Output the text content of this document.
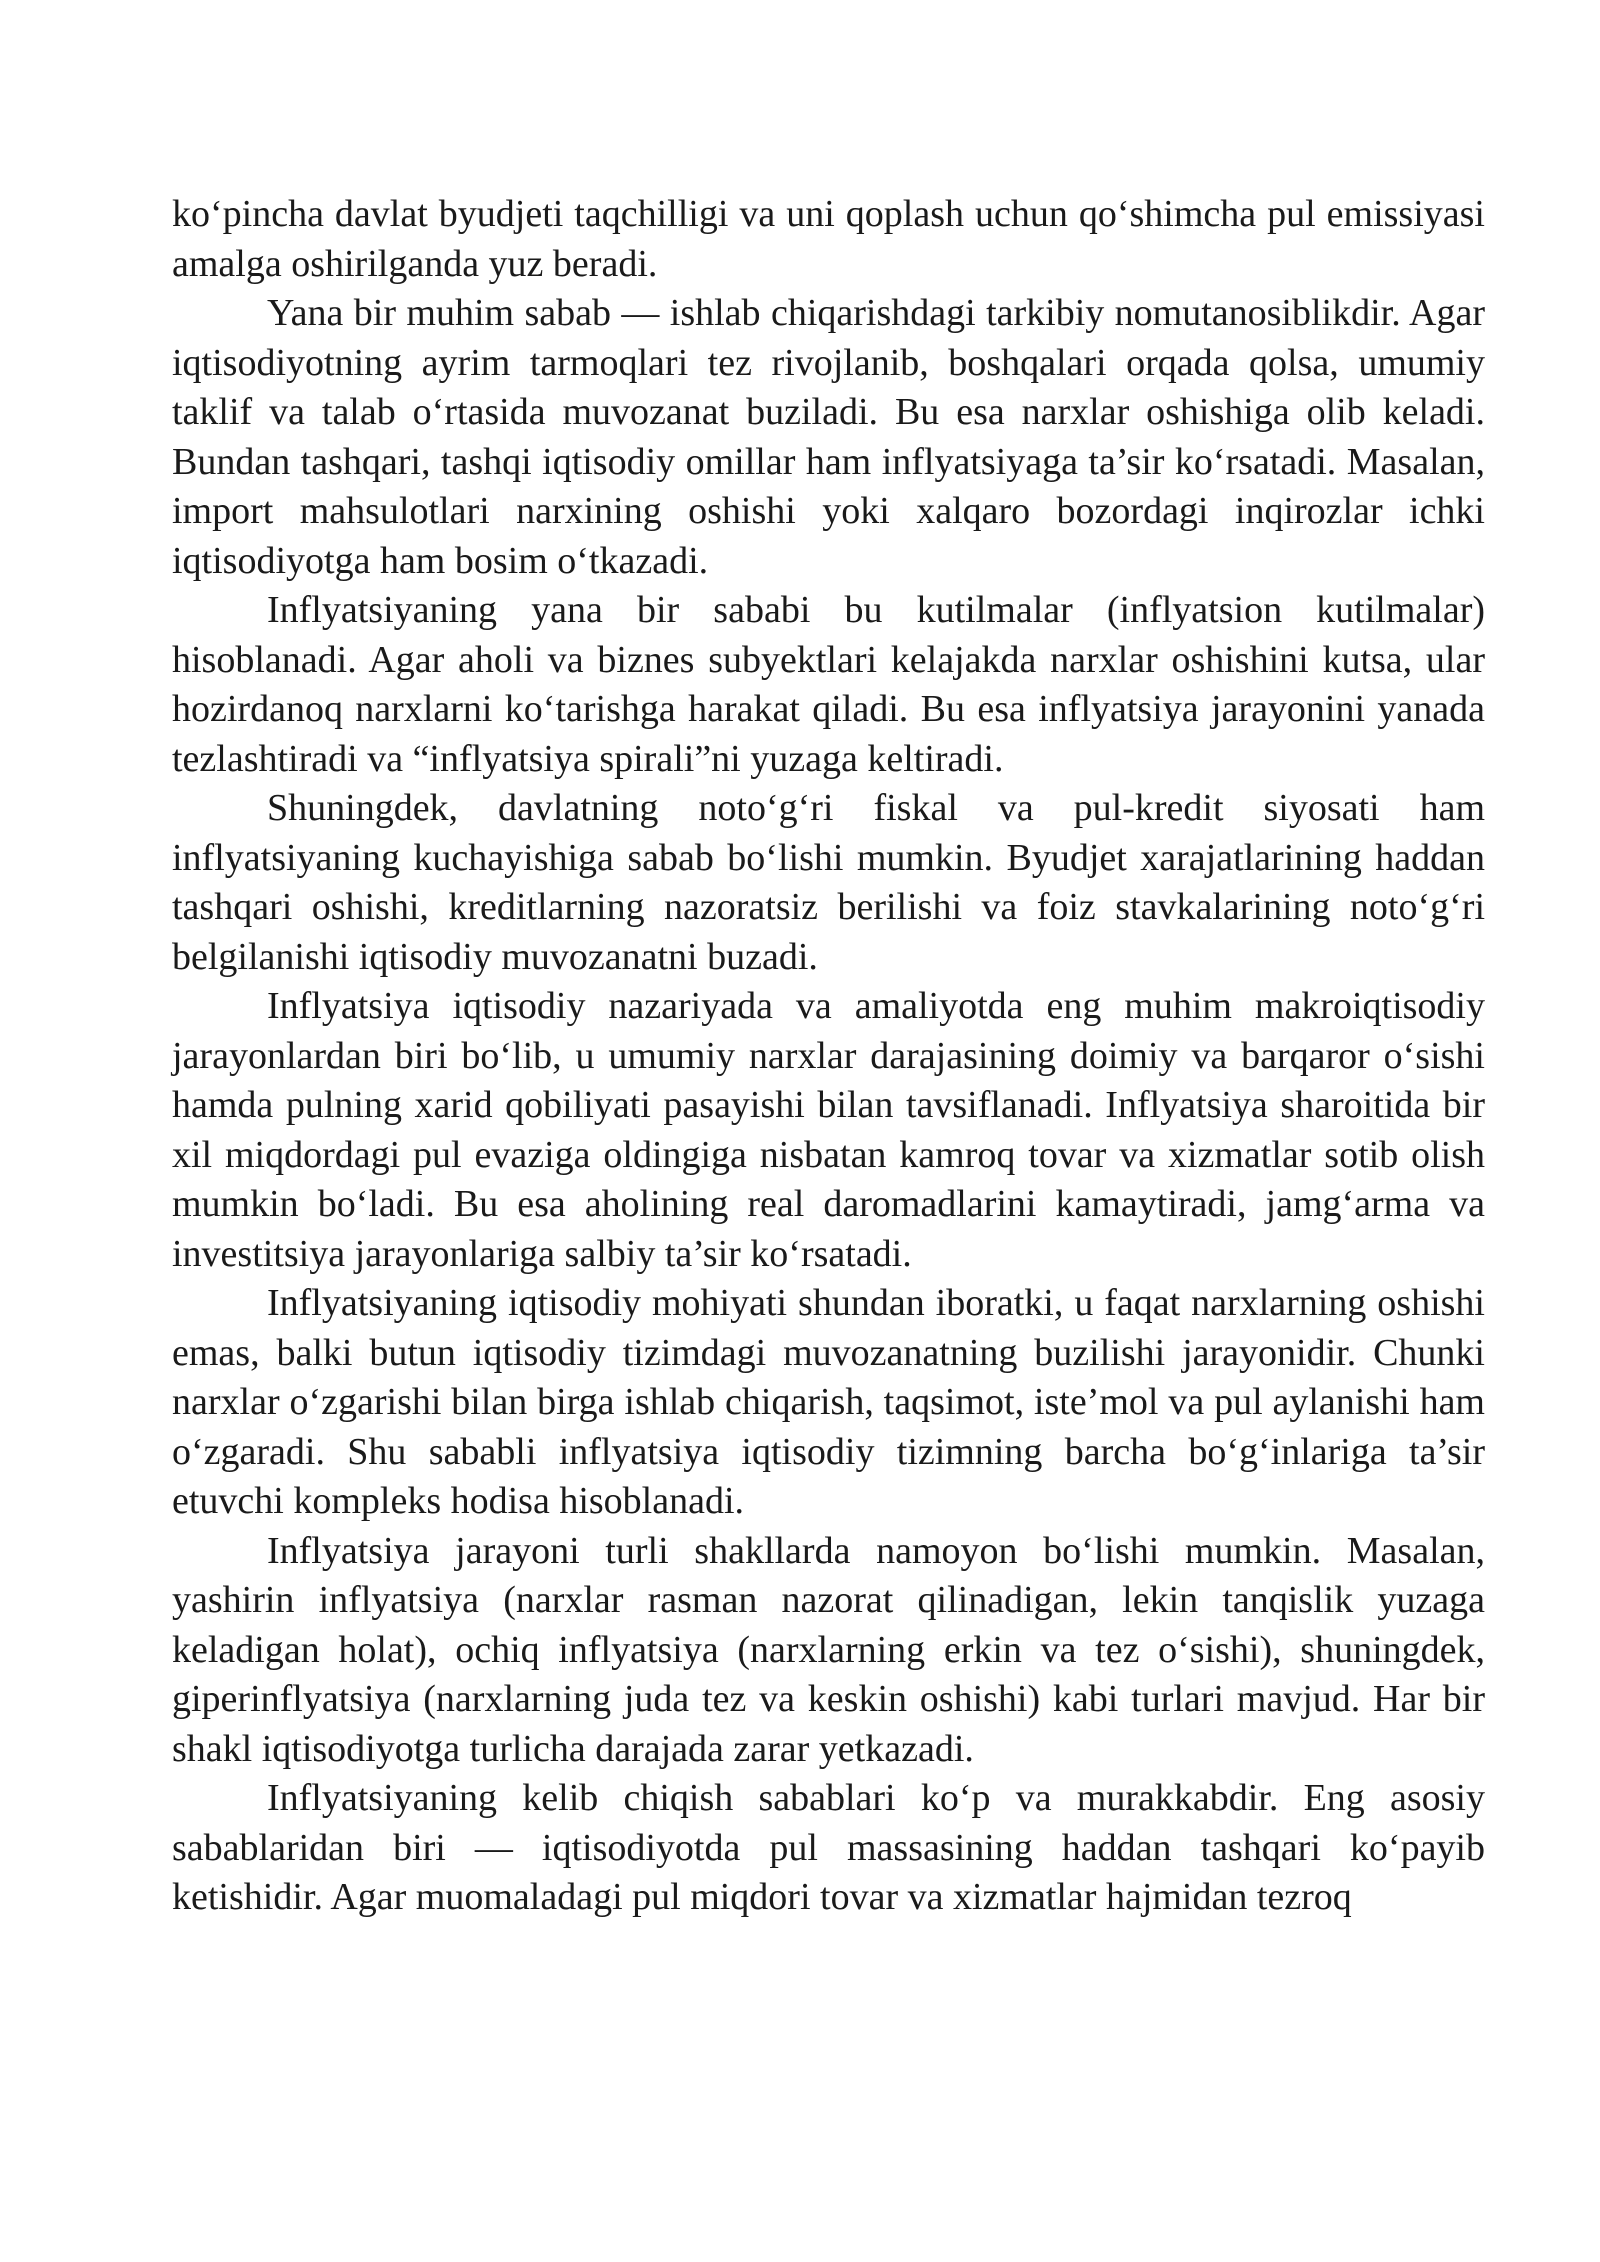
ko‘pincha davlat byudjeti taqchilligi va uni qoplash uchun qo‘shimcha pul emissiyasi amalga oshirilganda yuz beradi.

Yana bir muhim sabab — ishlab chiqarishdagi tarkibiy nomutanosiblikdir. Agar iqtisodiyotning ayrim tarmoqlari tez rivojlanib, boshqalari orqada qolsa, umumiy taklif va talab o‘rtasida muvozanat buziladi. Bu esa narxlar oshishiga olib keladi. Bundan tashqari, tashqi iqtisodiy omillar ham inflyatsiyaga ta’sir ko‘rsatadi. Masalan, import mahsulotlari narxining oshishi yoki xalqaro bozordagi inqirozlar ichki iqtisodiyotga ham bosim o‘tkazadi.

Inflyatsiyaning yana bir sababi bu kutilmalar (inflyatsion kutilmalar) hisoblanadi. Agar aholi va biznes subyektlari kelajakda narxlar oshishini kutsa, ular hozirdanoq narxlarni ko‘tarishga harakat qiladi. Bu esa inflyatsiya jarayonini yanada tezlashtiradi va “inflyatsiya spirali”ni yuzaga keltiradi.

Shuningdek, davlatning noto‘g‘ri fiskal va pul-kredit siyosati ham inflyatsiyaning kuchayishiga sabab bo‘lishi mumkin. Byudjet xarajatlarining haddan tashqari oshishi, kreditlarning nazoratsiz berilishi va foiz stavkalarining noto‘g‘ri belgilanishi iqtisodiy muvozanatni buzadi.

Inflyatsiya iqtisodiy nazariyada va amaliyotda eng muhim makroiqtisodiy jarayonlardan biri bo‘lib, u umumiy narxlar darajasining doimiy va barqaror o‘sishi hamda pulning xarid qobiliyati pasayishi bilan tavsiflanadi. Inflyatsiya sharoitida bir xil miqdordagi pul evaziga oldingiga nisbatan kamroq tovar va xizmatlar sotib olish mumkin bo‘ladi. Bu esa aholining real daromadlarini kamaytiradi, jamg‘arma va investitsiya jarayonlariga salbiy ta’sir ko‘rsatadi.

Inflyatsiyaning iqtisodiy mohiyati shundan iboratki, u faqat narxlarning oshishi emas, balki butun iqtisodiy tizimdagi muvozanatning buzilishi jarayonidir. Chunki narxlar o‘zgarishi bilan birga ishlab chiqarish, taqsimot, iste’mol va pul aylanishi ham o‘zgaradi. Shu sababli inflyatsiya iqtisodiy tizimning barcha bo‘g‘inlariga ta’sir etuvchi kompleks hodisa hisoblanadi.

Inflyatsiya jarayoni turli shakllarda namoyon bo‘lishi mumkin. Masalan, yashirin inflyatsiya (narxlar rasman nazorat qilinadigan, lekin tanqislik yuzaga keladigan holat), ochiq inflyatsiya (narxlarning erkin va tez o‘sishi), shuningdek, giperinflyatsiya (narxlarning juda tez va keskin oshishi) kabi turlari mavjud. Har bir shakl iqtisodiyotga turlicha darajada zarar yetkazadi.

Inflyatsiyaning kelib chiqish sabablari ko‘p va murakkabdir. Eng asosiy sabablaridan biri — iqtisodiyotda pul massasining haddan tashqari ko‘payib ketishidir. Agar muomaladagi pul miqdori tovar va xizmatlar hajmidan tezroq
